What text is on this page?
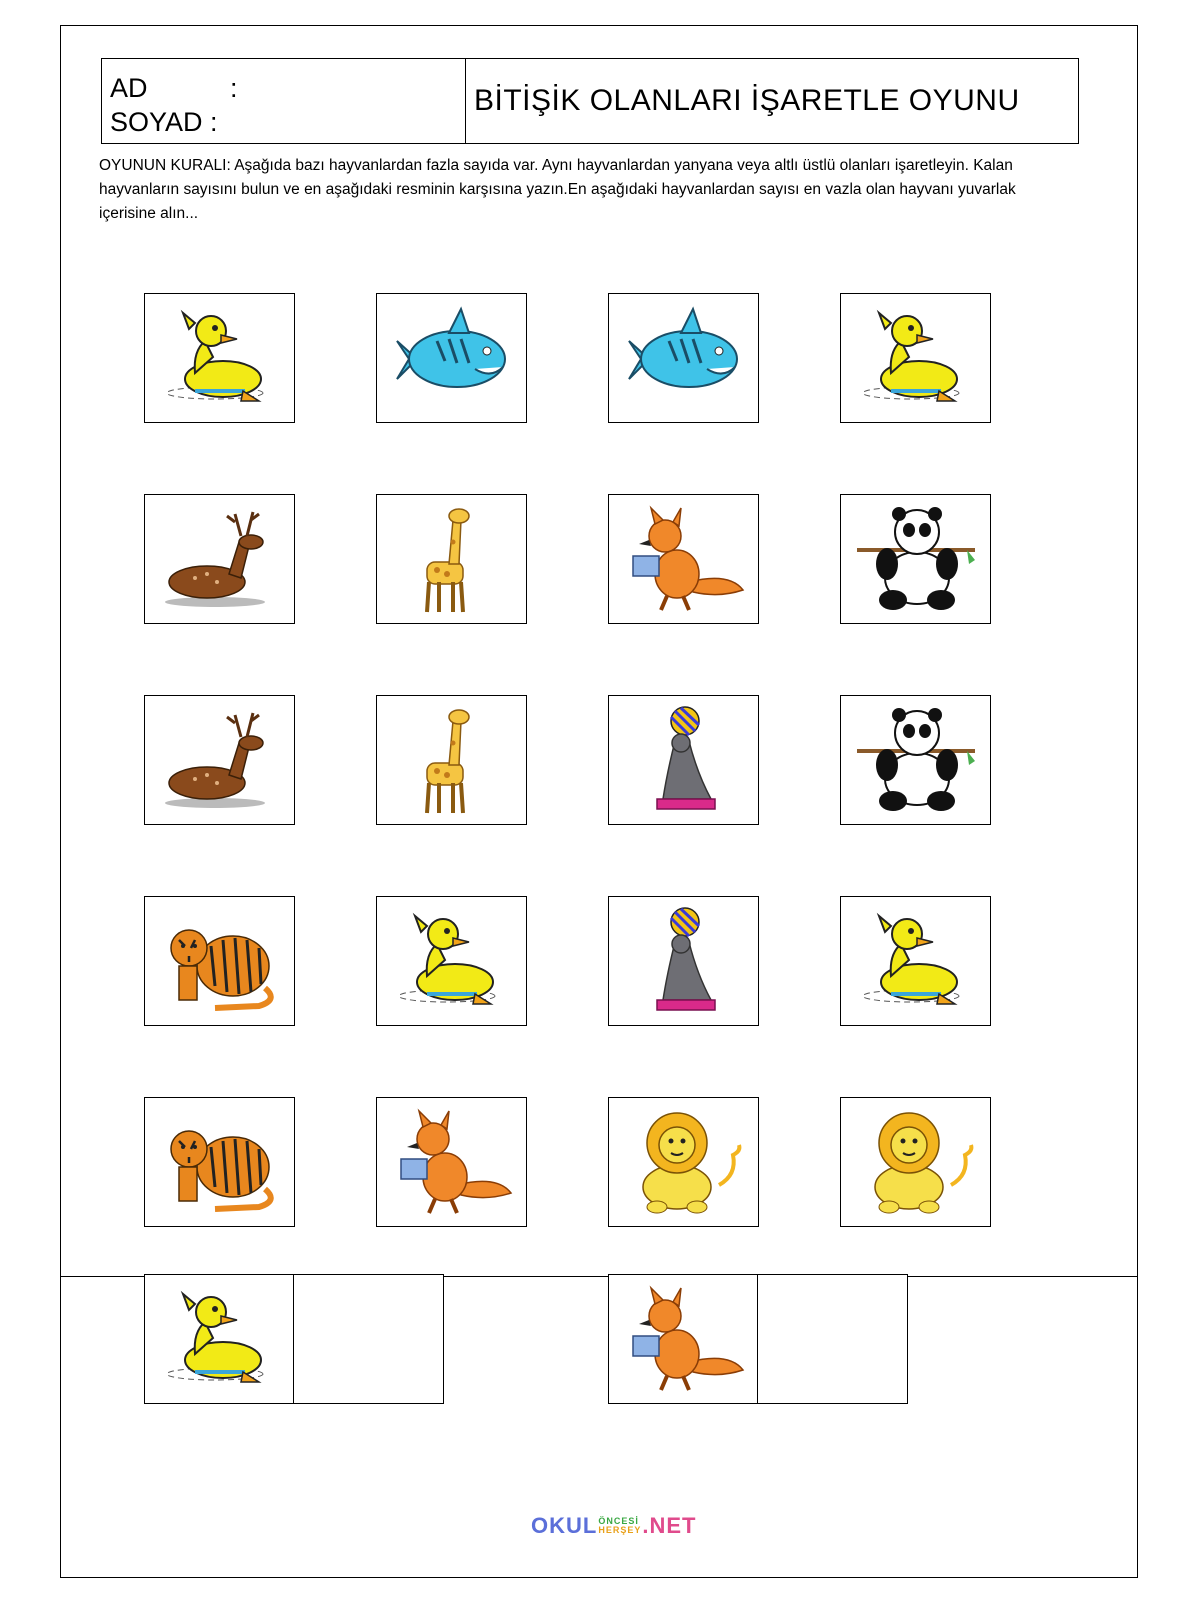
AD	:
SOYAD :
BİTİŞİK OLANLARI İŞARETLE OYUNU
OYUNUN KURALI: Aşağıda bazı hayvanlardan fazla sayıda var. Aynı hayvanlardan yanyana veya altlı üstlü olanları işaretleyin. Kalan hayvanların sayısını bulun ve en aşağıdaki resminin karşısına yazın.En aşağıdaki hayvanlardan sayısı en vazla olan hayvanı yuvarlak içerisine alın...
OKUL ÖNCESİ
HERŞEY .NET
